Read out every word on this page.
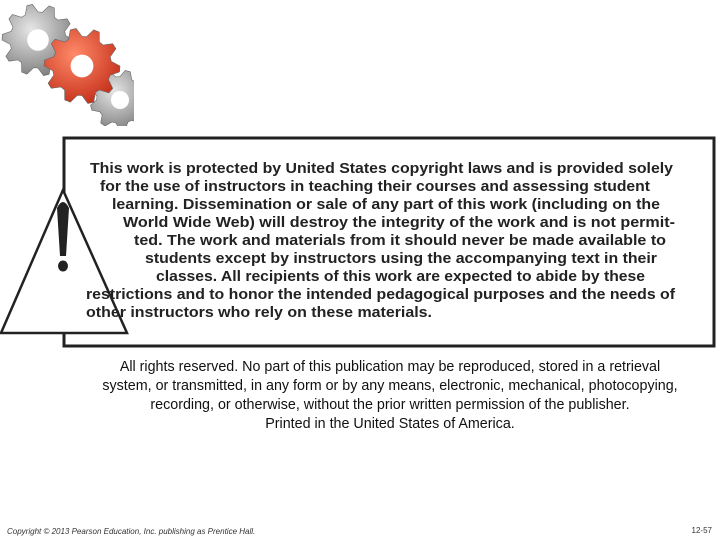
This work is protected by United States copyright laws and is provided solely
for the use of instructors in teaching their courses and assessing student
learning. Dissemination or sale of any part of this work (including on the
World Wide Web) will destroy the integrity of the work and is not permit-
ted. The work and materials from it should never be made available to
students except by instructors using the accompanying text in their
classes. All recipients of this work are expected to abide by these
restrictions and to honor the intended pedagogical purposes and the needs of
other instructors who rely on these materials.
All rights reserved. No part of this publication may be reproduced, stored in a retrieval
system, or transmitted, in any form or by any means, electronic, mechanical, photocopying,
recording, or otherwise, without the prior written permission of the publisher.
Printed in the United States of America.
Copyright © 2013 Pearson Education, Inc. publishing as Prentice Hall.	12-57
